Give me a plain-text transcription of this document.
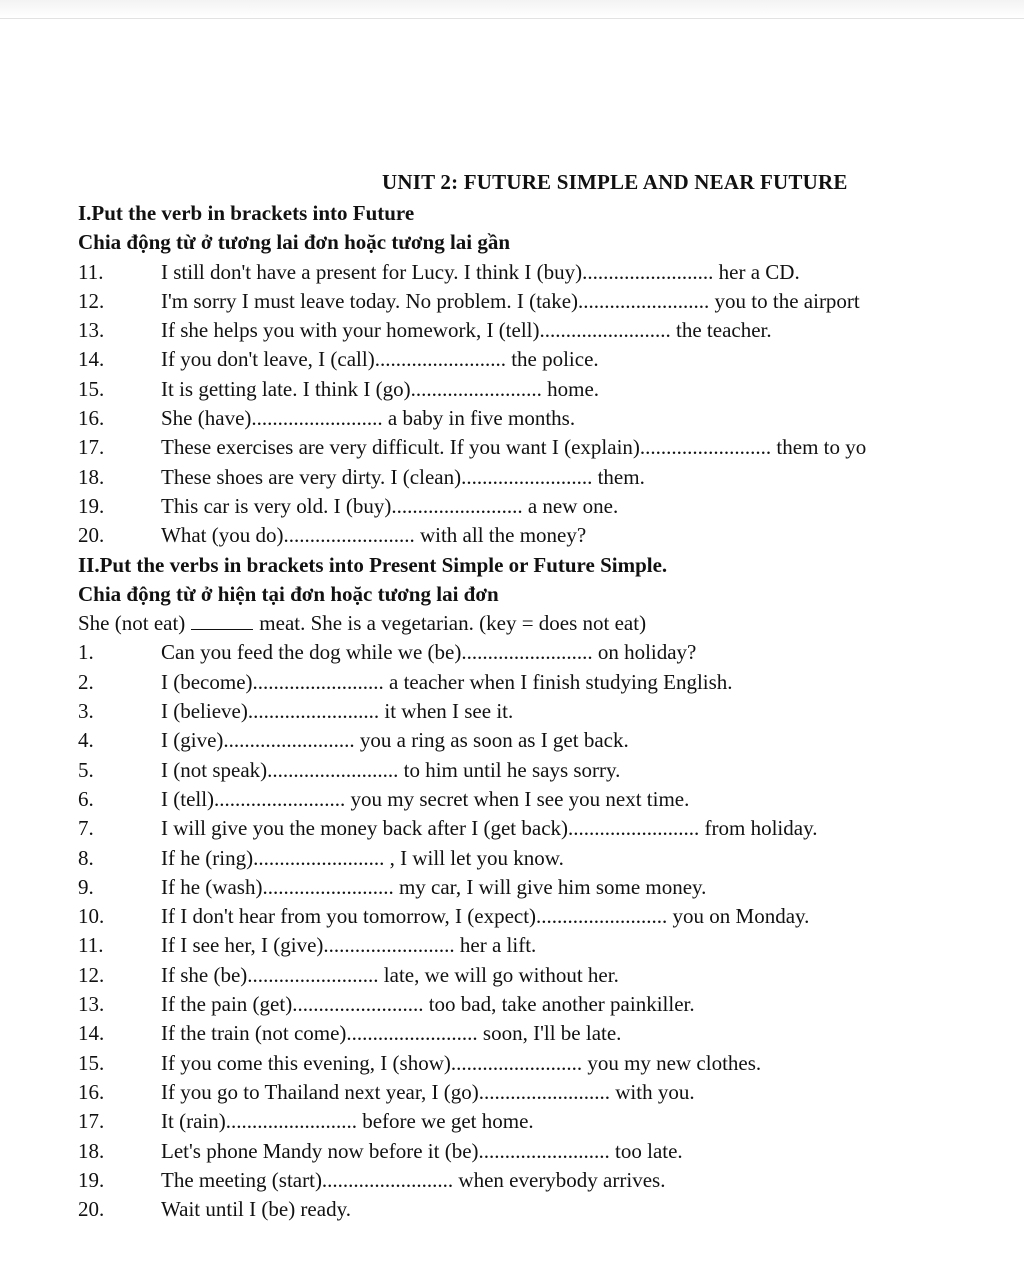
UNIT 2: FUTURE SIMPLE AND NEAR FUTURE
I.Put the verb in brackets into Future
Chia động từ ở tương lai đơn hoặc tương lai gần
11.	I still don't have a present for Lucy. I think I (buy)......................... her a CD.
12.	I'm sorry I must leave today. No problem. I (take)......................... you to the airport
13.	If she helps you with your homework, I (tell)......................... the teacher.
14.	If you don't leave, I (call)......................... the police.
15.	It is getting late. I think I (go)......................... home.
16.	She (have)......................... a baby in five months.
17.	These exercises are very difficult. If you want I (explain)......................... them to yo
18.	These shoes are very dirty. I (clean)......................... them.
19.	This car is very old. I (buy)......................... a new one.
20.	What (you do)......................... with all the money?
II.Put the verbs in brackets into Present Simple or Future Simple.
Chia động từ ở hiện tại đơn hoặc tương lai đơn
She (not eat)	meat. She is a vegetarian. (key = does not eat)
1.	Can you feed the dog while we (be)......................... on holiday?
2.	I (become)......................... a teacher when I finish studying English.
3.	I (believe)......................... it when I see it.
4.	I (give)......................... you a ring as soon as I get back.
5.	I (not speak)......................... to him until he says sorry.
6.	I (tell)......................... you my secret when I see you next time.
7.	I will give you the money back after I (get back)......................... from holiday.
8.	If he (ring)......................... , I will let you know.
9.	If he (wash)......................... my car, I will give him some money.
10.	If I don't hear from you tomorrow, I (expect)......................... you on Monday.
11.	If I see her, I (give)......................... her a lift.
12.	If she (be)......................... late, we will go without her.
13.	If the pain (get)......................... too bad, take another painkiller.
14.	If the train (not come)......................... soon, I'll be late.
15.	If you come this evening, I (show)......................... you my new clothes.
16.	If you go to Thailand next year, I (go)......................... with you.
17.	It (rain)......................... before we get home.
18.	Let's phone Mandy now before it (be)......................... too late.
19.	The meeting (start)......................... when everybody arrives.
20.	Wait until I (be) ready.
